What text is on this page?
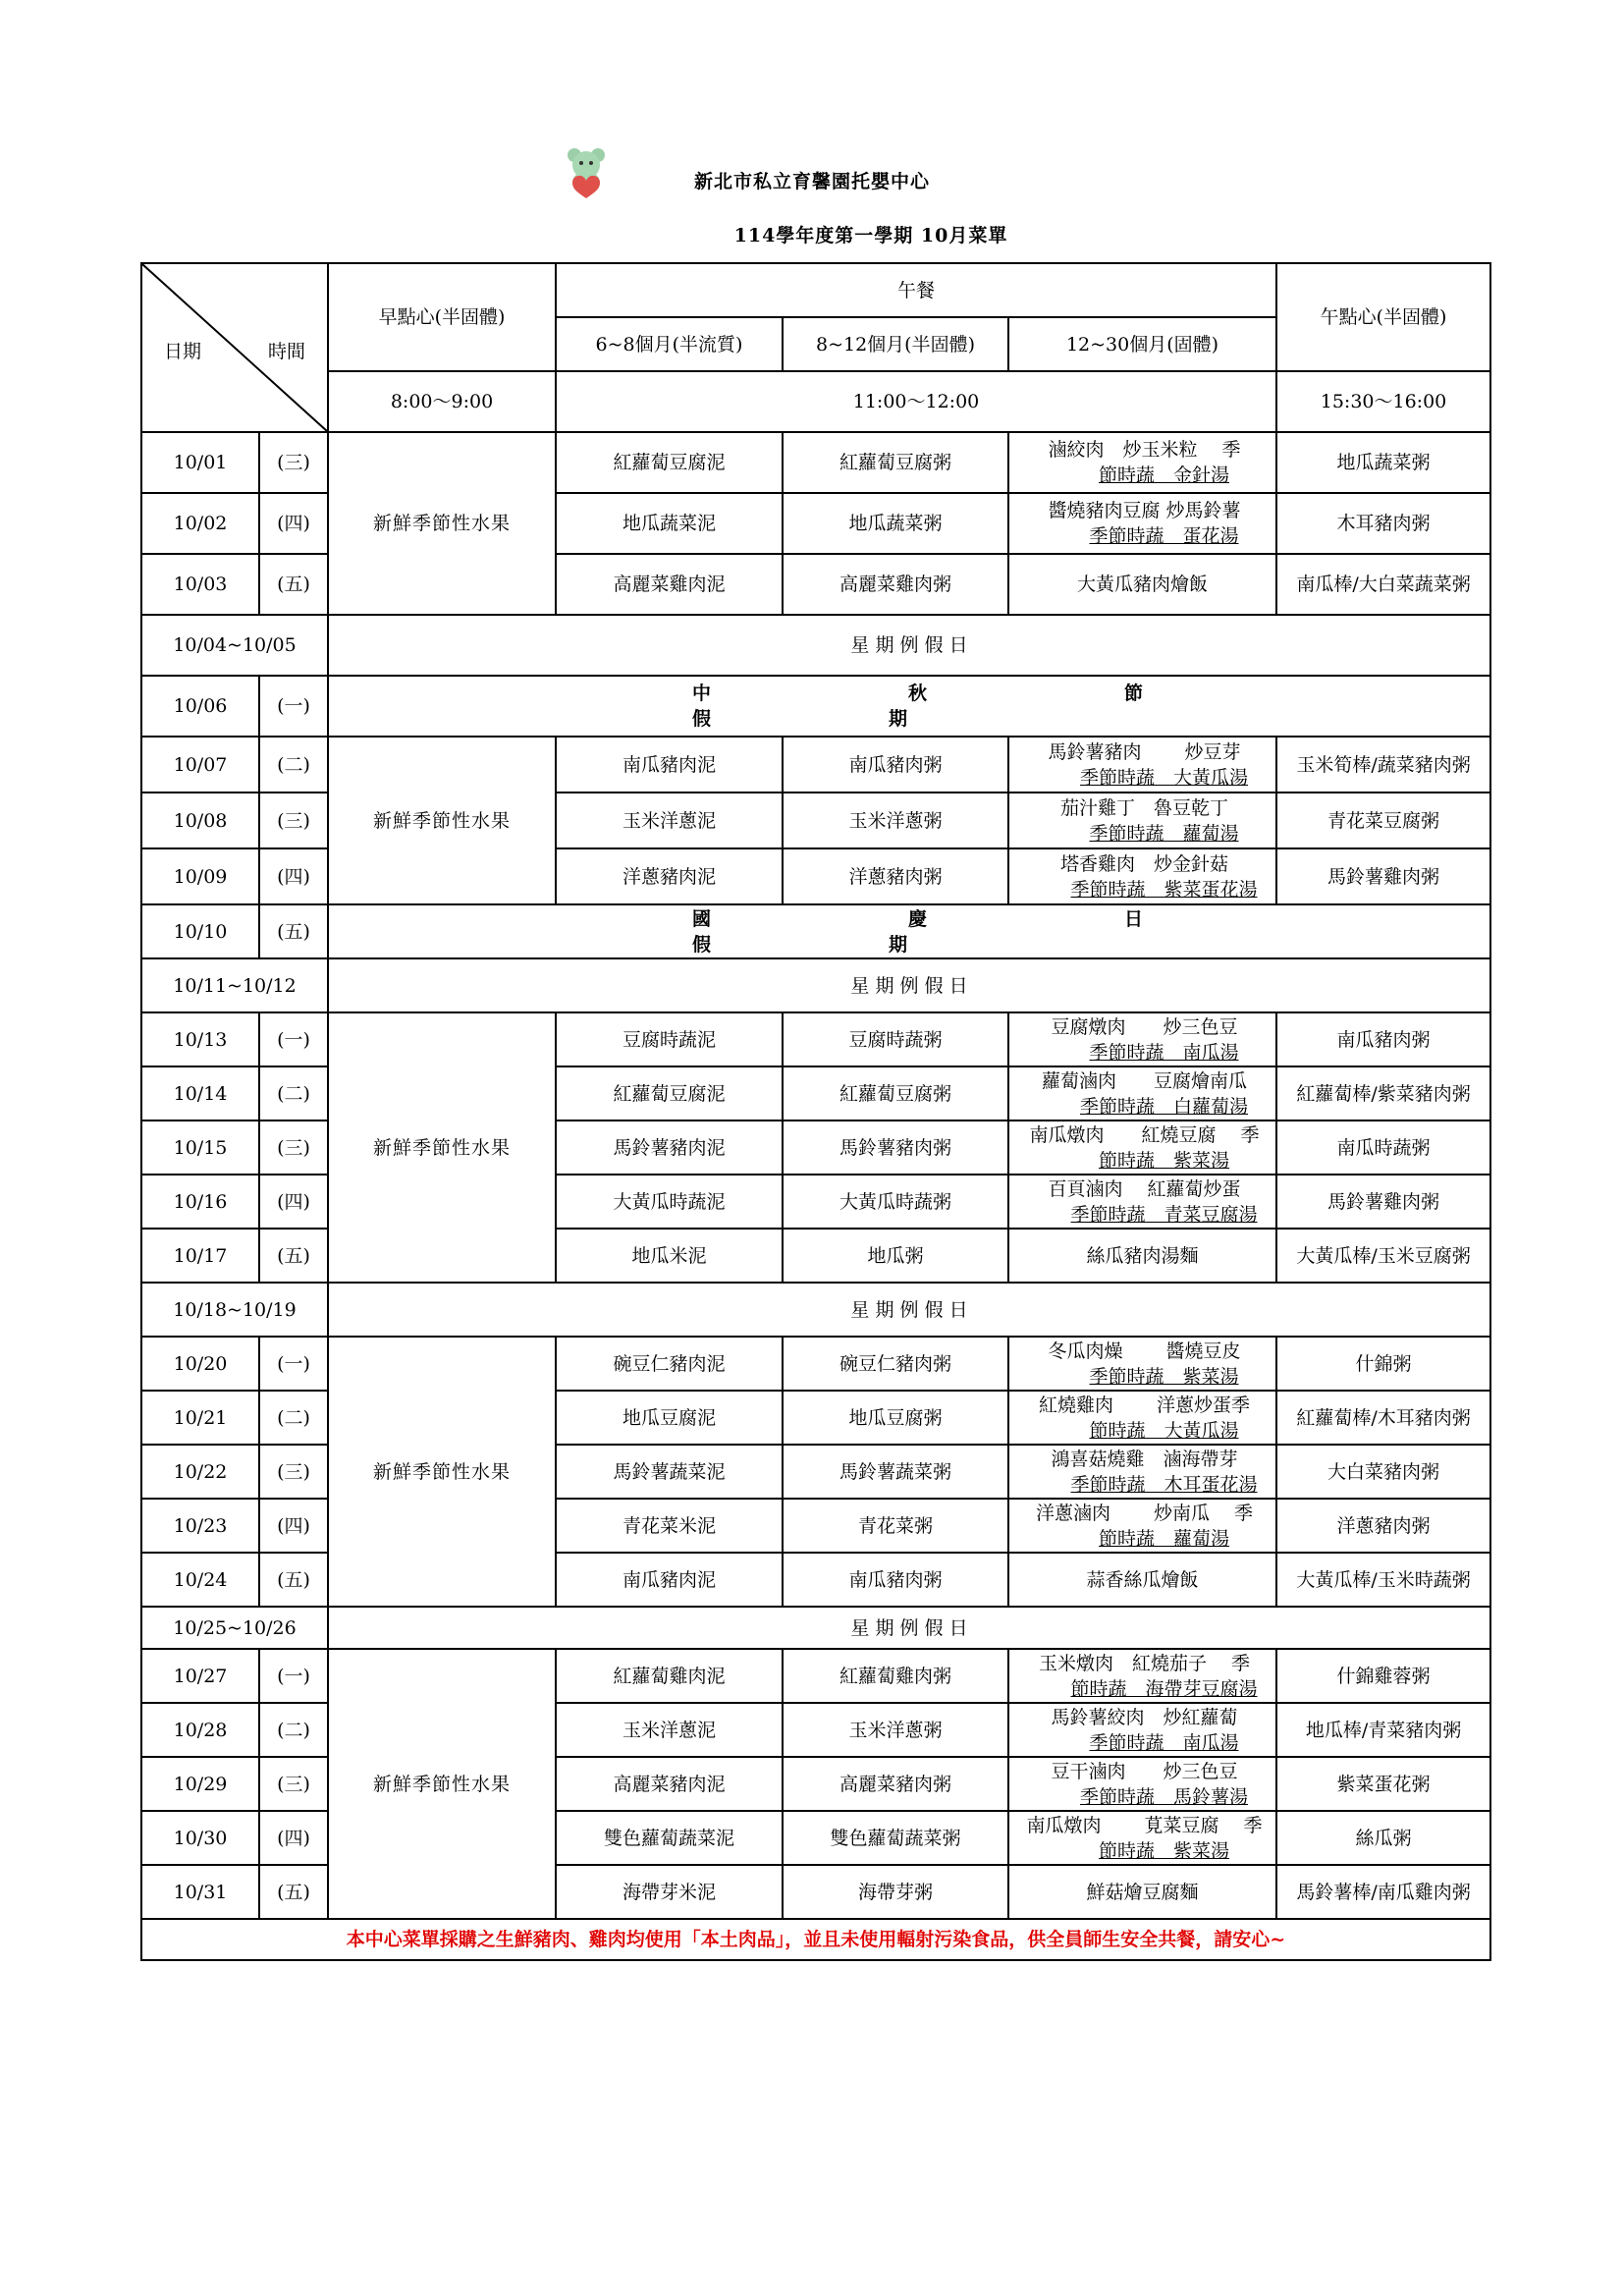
新北市私立育馨園托嬰中心
114學年度第一學期 10月菜單
日期 時間		早點心(半固體)	午餐			午點心(半固體)
			6~8個月(半流質)	8~12個月(半固體)	12~30個月(固體)	
		8:00～9:00	11:00～12:00			15:30～16:00
10/01	(三)	新鮮季節性水果	紅蘿蔔豆腐泥	紅蘿蔔豆腐粥	滷絞肉　炒玉米粒　 季
節時蔬　金針湯	地瓜蔬菜粥
10/02	(四)		地瓜蔬菜泥	地瓜蔬菜粥	醬燒豬肉豆腐 炒馬鈴薯
季節時蔬　蛋花湯	木耳豬肉粥
10/03	(五)		高麗菜雞肉泥	高麗菜雞肉粥	大黃瓜豬肉燴飯	南瓜棒/大白菜蔬菜粥
10/04~10/05		星 期 例 假 日				
10/06	(一)	中 秋 節假 期				
10/07	(二)	新鮮季節性水果	南瓜豬肉泥	南瓜豬肉粥	馬鈴薯豬肉　　 炒豆芽
季節時蔬　大黃瓜湯	玉米筍棒/蔬菜豬肉粥
10/08	(三)		玉米洋蔥泥	玉米洋蔥粥	茄汁雞丁　魯豆乾丁
季節時蔬　蘿蔔湯	青花菜豆腐粥
10/09	(四)		洋蔥豬肉泥	洋蔥豬肉粥	塔香雞肉　炒金針菇
季節時蔬　紫菜蛋花湯	馬鈴薯雞肉粥
10/10	(五)	國 慶 日假 期				
10/11~10/12		星 期 例 假 日				
10/13	(一)	新鮮季節性水果	豆腐時蔬泥	豆腐時蔬粥	豆腐燉肉　　炒三色豆
季節時蔬　南瓜湯	南瓜豬肉粥
10/14	(二)		紅蘿蔔豆腐泥	紅蘿蔔豆腐粥	蘿蔔滷肉　　豆腐燴南瓜
季節時蔬　白蘿蔔湯	紅蘿蔔棒/紫菜豬肉粥
10/15	(三)		馬鈴薯豬肉泥	馬鈴薯豬肉粥	南瓜燉肉　　紅燒豆腐　 季
節時蔬　紫菜湯	南瓜時蔬粥
10/16	(四)		大黃瓜時蔬泥	大黃瓜時蔬粥	百頁滷肉　 紅蘿蔔炒蛋
季節時蔬　青菜豆腐湯	馬鈴薯雞肉粥
10/17	(五)		地瓜米泥	地瓜粥	絲瓜豬肉湯麵	大黃瓜棒/玉米豆腐粥
10/18~10/19		星 期 例 假 日				
10/20	(一)	新鮮季節性水果	碗豆仁豬肉泥	碗豆仁豬肉粥	冬瓜肉燥　　 醬燒豆皮
季節時蔬　紫菜湯	什錦粥
10/21	(二)		地瓜豆腐泥	地瓜豆腐粥	紅燒雞肉　　 洋蔥炒蛋季
節時蔬　大黃瓜湯	紅蘿蔔棒/木耳豬肉粥
10/22	(三)		馬鈴薯蔬菜泥	馬鈴薯蔬菜粥	鴻喜菇燒雞　滷海帶芽
季節時蔬　木耳蛋花湯	大白菜豬肉粥
10/23	(四)		青花菜米泥	青花菜粥	洋蔥滷肉　　 炒南瓜　 季
節時蔬　蘿蔔湯	洋蔥豬肉粥
10/24	(五)		南瓜豬肉泥	南瓜豬肉粥	蒜香絲瓜燴飯	大黃瓜棒/玉米時蔬粥
10/25~10/26		星 期 例 假 日				
10/27	(一)	新鮮季節性水果	紅蘿蔔雞肉泥	紅蘿蔔雞肉粥	玉米燉肉　紅燒茄子　 季
節時蔬　海帶芽豆腐湯	什錦雞蓉粥
10/28	(二)		玉米洋蔥泥	玉米洋蔥粥	馬鈴薯絞肉　炒紅蘿蔔
季節時蔬　南瓜湯	地瓜棒/青菜豬肉粥
10/29	(三)		高麗菜豬肉泥	高麗菜豬肉粥	豆干滷肉　　炒三色豆
季節時蔬　馬鈴薯湯	紫菜蛋花粥
10/30	(四)		雙色蘿蔔蔬菜泥	雙色蘿蔔蔬菜粥	南瓜燉肉　　 莧菜豆腐　 季
節時蔬　紫菜湯	絲瓜粥
10/31	(五)		海帶芽米泥	海帶芽粥	鮮菇燴豆腐麵	馬鈴薯棒/南瓜雞肉粥
本中心菜單採購之生鮮豬肉、雞肉均使用「本土肉品」，並且未使用輻射污染食品，供全員師生安全共餐，請安心~						
